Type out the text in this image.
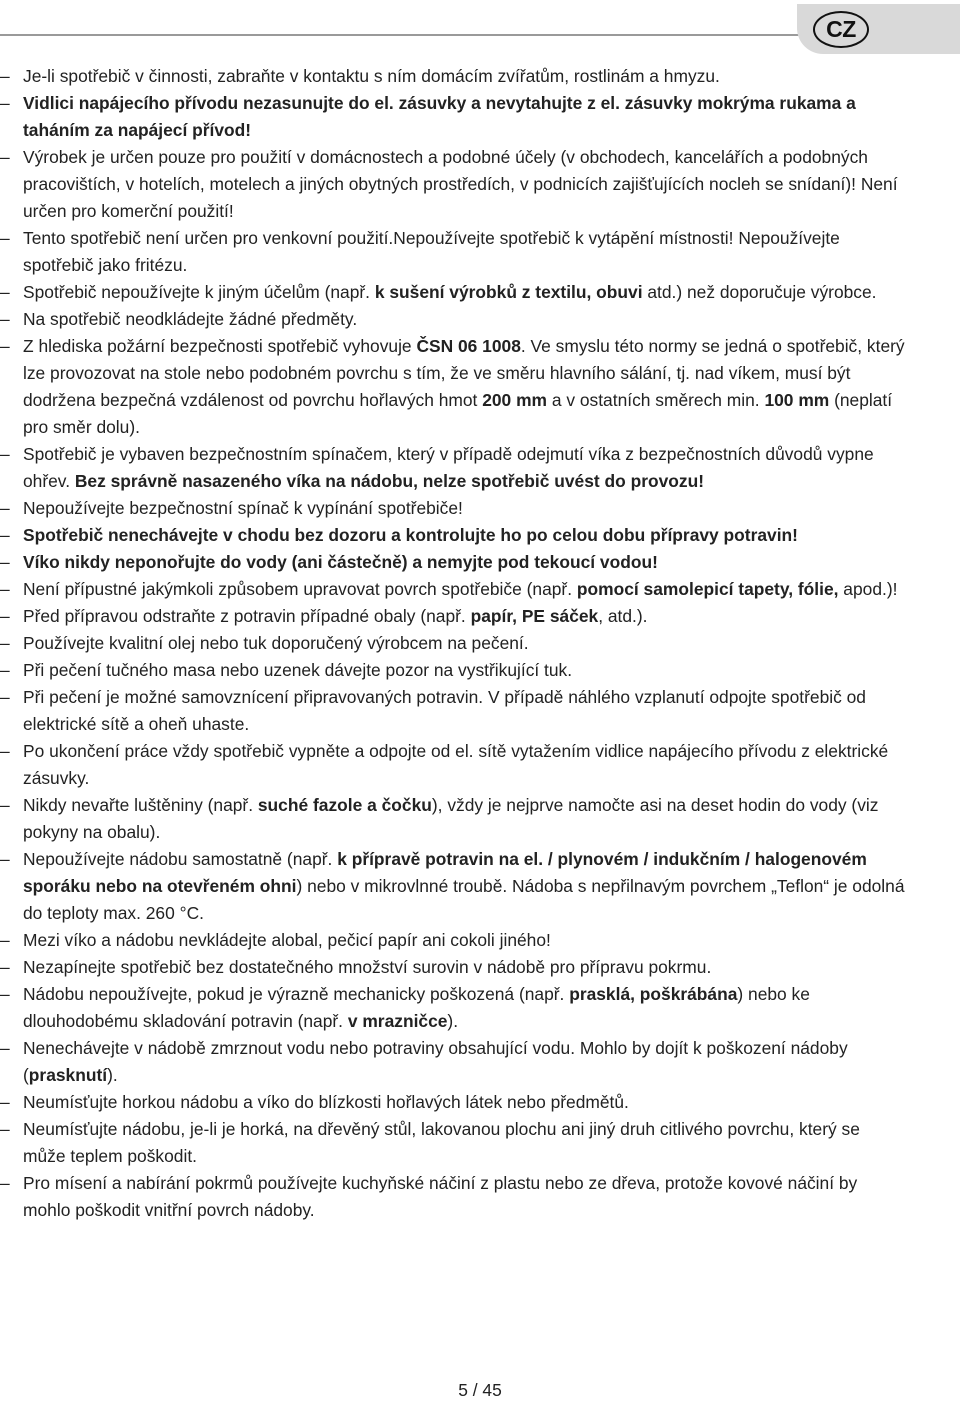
CZ
– Je-li spotřebič v činnosti, zabraňte v kontaktu s ním domácím zvířatům, rostlinám a hmyzu.
– Vidlici napájecího přívodu nezasunujte do el. zásuvky a nevytahujte z el. zásuvky mokrýma rukama a taháním za napájecí přívod!
– Výrobek je určen pouze pro použití v domácnostech a podobné účely (v obchodech, kancelářích a podobných pracovištích, v hotelích, motelech a jiných obytných prostředích, v podnicích zajišťujících nocleh se snídaní)! Není určen pro komerční použití!
– Tento spotřebič není určen pro venkovní použití.Nepoužívejte spotřebič k vytápění místnosti! Nepoužívejte spotřebič jako fritézu.
– Spotřebič nepoužívejte k jiným účelům (např. k sušení výrobků z textilu, obuvi atd.) než doporučuje výrobce.
– Na spotřebič neodkládejte žádné předměty.
– Z hlediska požární bezpečnosti spotřebič vyhovuje ČSN 06 1008. Ve smyslu této normy se jedná o spotřebič, který lze provozovat na stole nebo podobném povrchu s tím, že ve směru hlavního sálání, tj. nad víkem, musí být dodržena bezpečná vzdálenost od povrchu hořlavých hmot 200 mm a v ostatních směrech min. 100 mm (neplatí pro směr dolu).
– Spotřebič je vybaven bezpečnostním spínačem, který v případě odejmutí víka z bezpečnostních důvodů vypne ohřev. Bez správně nasazeného víka na nádobu, nelze spotřebič uvést do provozu!
– Nepoužívejte bezpečnostní spínač k vypínání spotřebiče!
– Spotřebič nenechávejte v chodu bez dozoru a kontrolujte ho po celou dobu přípravy potravin!
– Víko nikdy neponořujte do vody (ani částečně) a nemyjte pod tekoucí vodou!
– Není přípustné jakýmkoli způsobem upravovat povrch spotřebiče (např. pomocí samolepicí tapety, fólie, apod.)!
– Před přípravou odstraňte z potravin případné obaly (např. papír, PE sáček, atd.).
– Používejte kvalitní olej nebo tuk doporučený výrobcem na pečení.
– Při pečení tučného masa nebo uzenek dávejte pozor na vystřikující tuk.
– Při pečení je možné samovznícení připravovaných potravin. V případě náhlého vzplanutí odpojte spotřebič od elektrické sítě a oheň uhaste.
– Po ukončení práce vždy spotřebič vypněte a odpojte od el. sítě vytažením vidlice napájecího přívodu z elektrické zásuvky.
– Nikdy nevařte luštěniny (např. suché fazole a čočku), vždy je nejprve namočte asi na deset hodin do vody (viz pokyny na obalu).
– Nepoužívejte nádobu samostatně (např. k přípravě potravin na el. / plynovém / indukčním / halogenovém sporáku nebo na otevřeném ohni) nebo v mikrovlnné troubě. Nádoba s nepřilnavým povrchem „Teflon“ je odolná do teploty max. 260 °C.
– Mezi víko a nádobu nevkládejte alobal, pečicí papír ani cokoli jiného!
– Nezapínejte spotřebič bez dostatečného množství surovin v nádobě pro přípravu pokrmu.
– Nádobu nepoužívejte, pokud je výrazně mechanicky poškozená (např. prasklá, poškrábána) nebo ke dlouhodobému skladování potravin (např. v mrazničce).
– Nenechávejte v nádobě zmrznout vodu nebo potraviny obsahující vodu. Mohlo by dojít k poškození nádoby (prasknutí).
– Neumísťujte horkou nádobu a víko do blízkosti hořlavých látek nebo předmětů.
– Neumísťujte nádobu, je-li je horká, na dřevěný stůl, lakovanou plochu ani jiný druh citlivého povrchu, který se může teplem poškodit.
– Pro mísení a nabírání pokrmů používejte kuchyňské náčiní z plastu nebo ze dřeva, protože kovové náčiní by mohlo poškodit vnitřní povrch nádoby.
5 / 45
